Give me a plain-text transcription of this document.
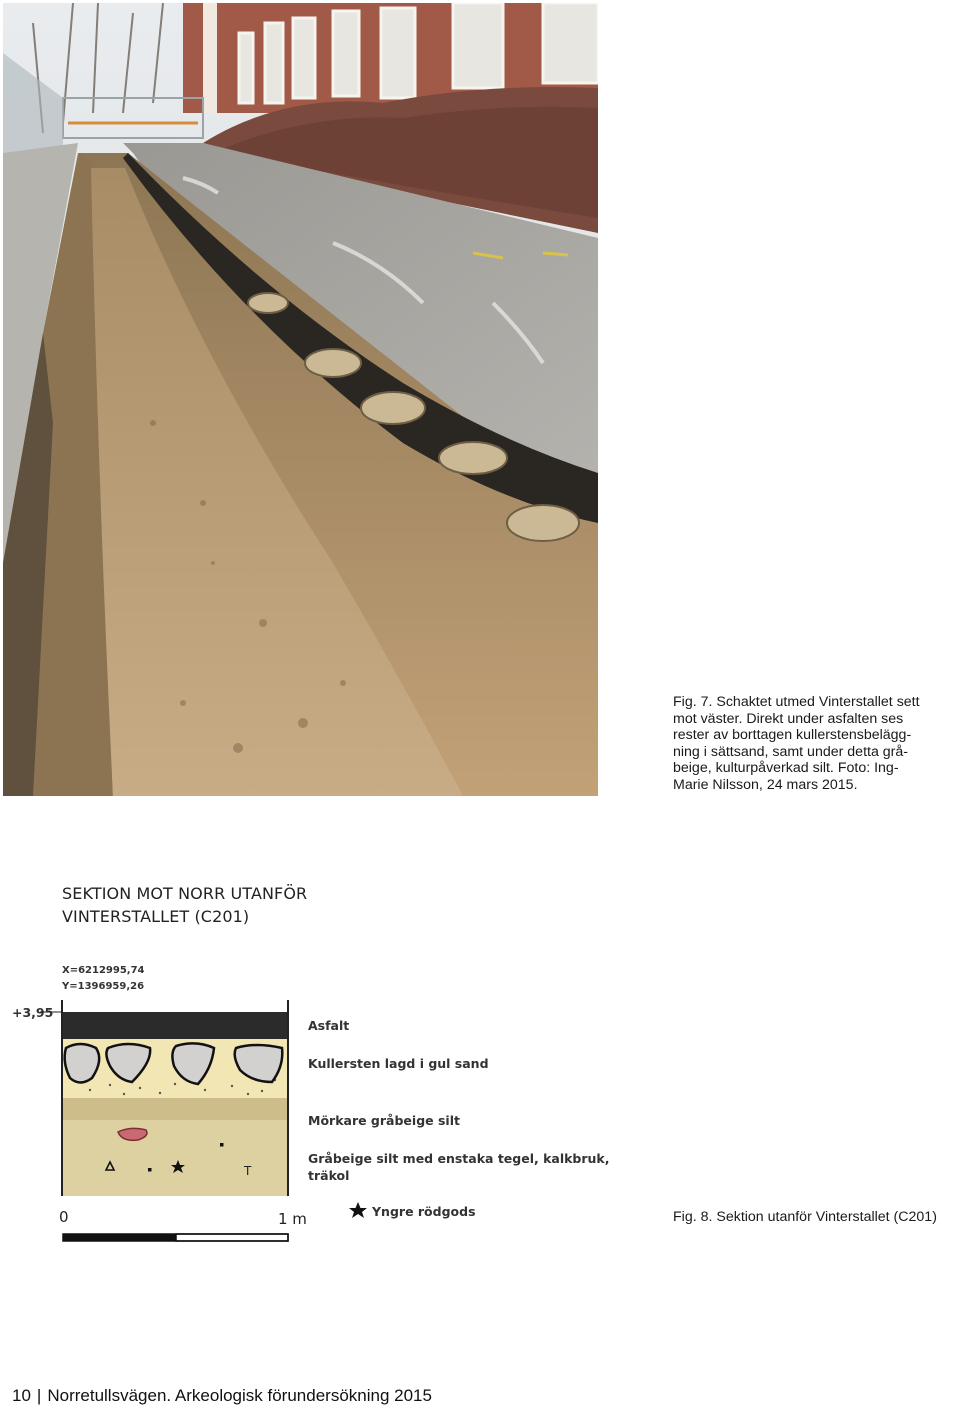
Fig. 7. Schaktet utmed Vinterstallet sett
mot väster. Direkt under asfalten ses
rester av borttagen kullerstensbelägg-
ning i sättsand, samt under detta grå-
beige, kulturpåverkad silt. Foto: Ing-
Marie Nilsson, 24 mars 2015.
SEKTION MOT NORR UTANFÖR
VINTERSTALLET (C201)
X=6212995,74
Y=1396959,26
+3,95
T
Asfalt
Kullersten lagd i gul sand
Mörkare gråbeige silt
Gråbeige silt med enstaka tegel, kalkbruk,
träkol
Yngre rödgods
0	1 m	Fig. 8. Sektion utanför Vinterstallet (C201)
10 | Norretullsvägen. Arkeologisk förundersökning 2015
